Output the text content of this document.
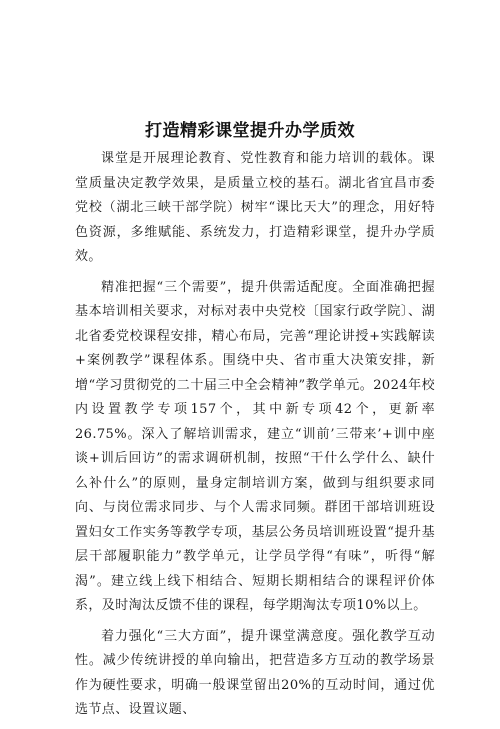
打造精彩课堂提升办学质效

课堂是开展理论教育、党性教育和能力培训的载体。课堂质量决定教学效果，是质量立校的基石。湖北省宜昌市委党校（湖北三峡干部学院）树牢“课比天大”的理念，用好特色资源，多维赋能、系统发力，打造精彩课堂，提升办学质效。

精准把握“三个需要”，提升供需适配度。全面准确把握基本培训相关要求，对标对表中央党校〔国家行政学院〕、湖北省委党校课程安排，精心布局，完善“理论讲授+实践解读+案例教学”课程体系。围绕中央、省市重大决策安排，新增“学习贯彻党的二十届三中全会精神”教学单元。2024年校内设置教学专项157个，其中新专项42个，更新率26.75%。深入了解培训需求，建立“训前’三带来’+训中座谈+训后回访”的需求调研机制，按照“干什么学什么、缺什么补什么”的原则，量身定制培训方案，做到与组织要求同向、与岗位需求同步、与个人需求同频。群团干部培训班设置妇女工作实务等教学专项，基层公务员培训班设置“提升基层干部履职能力”教学单元，让学员学得“有味”，听得“解渴”。建立线上线下相结合、短期长期相结合的课程评价体系，及时淘汰反馈不佳的课程，每学期淘汰专项10%以上。

着力强化“三大方面”，提升课堂满意度。强化教学互动性。减少传统讲授的单向输出，把营造多方互动的教学场景作为硬性要求，明确一般课堂留出20%的互动时间，通过优选节点、设置议题、
